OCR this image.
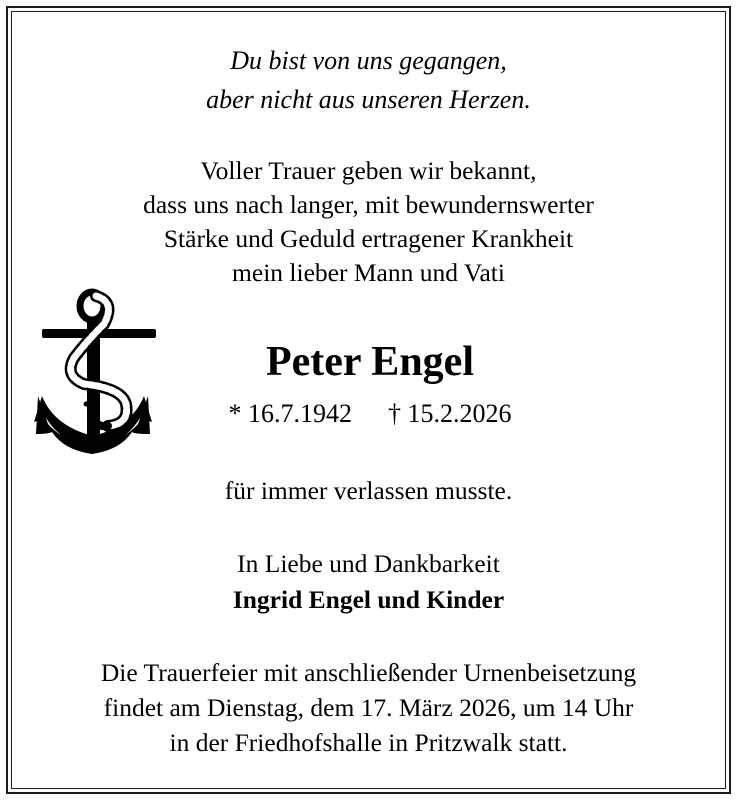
Du bist von uns gegangen,
aber nicht aus unseren Herzen.
Voller Trauer geben wir bekannt,
dass uns nach langer, mit bewundernswerter
Stärke und Geduld ertragener Krankheit
mein lieber Mann und Vati
Peter Engel
* 16.7.1942 † 15.2.2026
für immer verlassen musste.
In Liebe und Dankbarkeit
Ingrid Engel und Kinder
Die Trauerfeier mit anschließender Urnenbeisetzung
findet am Dienstag, dem 17. März 2026, um 14 Uhr
in der Friedhofshalle in Pritzwalk statt.
